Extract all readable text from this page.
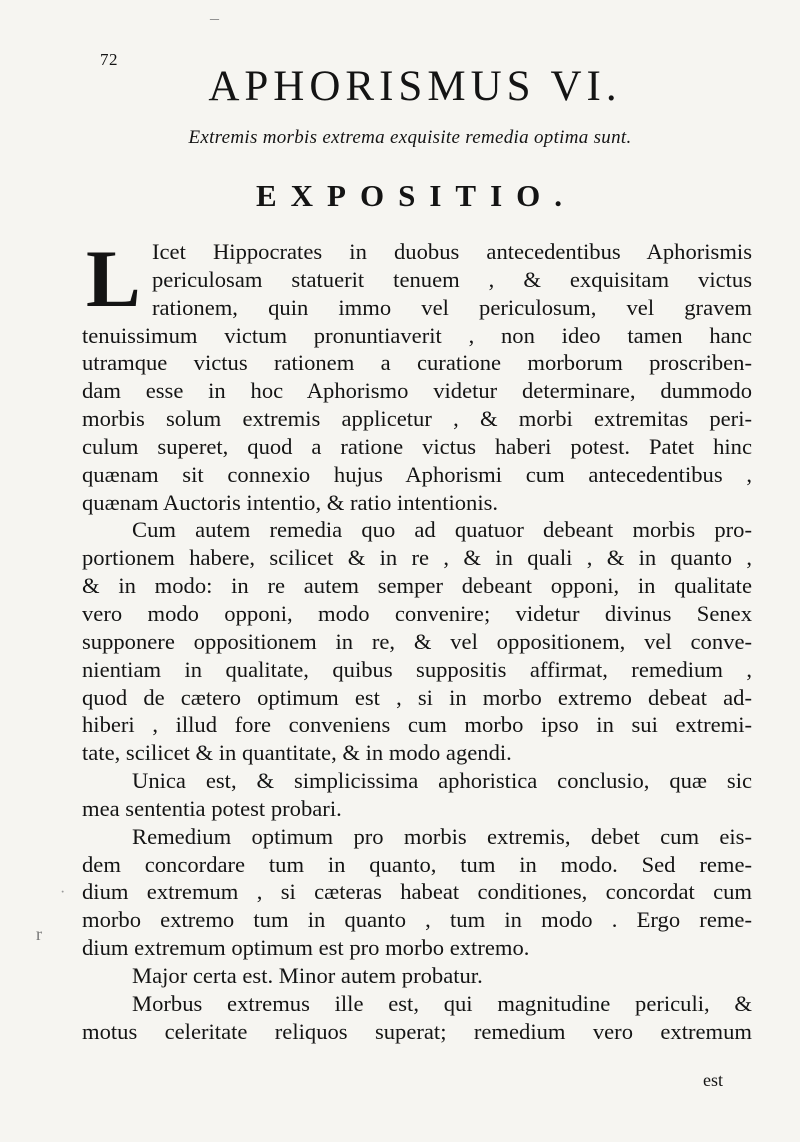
–
72
APHORISMUS VI.
Extremis morbis extrema exquisite remedia optima sunt.
EXPOSITIO.
L Icet Hippocrates in duobus antecedentibus Aphorismis
periculosam statuerit tenuem , & exquisitam victus
rationem, quin immo vel periculosum, vel gravem
tenuissimum victum pronuntiaverit , non ideo tamen hanc
utramque victus rationem a curatione morborum proscriben-
dam esse in hoc Aphorismo videtur determinare, dummodo
morbis solum extremis applicetur , & morbi extremitas peri-
culum superet, quod a ratione victus haberi potest. Patet hinc
quænam sit connexio hujus Aphorismi cum antecedentibus ,
quænam Auctoris intentio, & ratio intentionis.
Cum autem remedia quo ad quatuor debeant morbis pro-
portionem habere, scilicet & in re , & in quali , & in quanto ,
& in modo: in re autem semper debeant opponi, in qualitate
vero modo opponi, modo convenire; videtur divinus Senex
supponere oppositionem in re, & vel oppositionem, vel conve-
nientiam in qualitate, quibus suppositis affirmat, remedium ,
quod de cætero optimum est , si in morbo extremo debeat ad-
hiberi , illud fore conveniens cum morbo ipso in sui extremi-
tate, scilicet & in quantitate, & in modo agendi.
Unica est, & simplicissima aphoristica conclusio, quæ sic
mea sententia potest probari.
Remedium optimum pro morbis extremis, debet cum eis-
dem concordare tum in quanto, tum in modo. Sed reme-
dium extremum , si cæteras habeat conditiones, concordat cum
morbo extremo tum in quanto , tum in modo . Ergo reme-
dium extremum optimum est pro morbo extremo.
Major certa est. Minor autem probatur.
Morbus extremus ille est, qui magnitudine periculi, &
motus celeritate reliquos superat; remedium vero extremum
·
r
est
